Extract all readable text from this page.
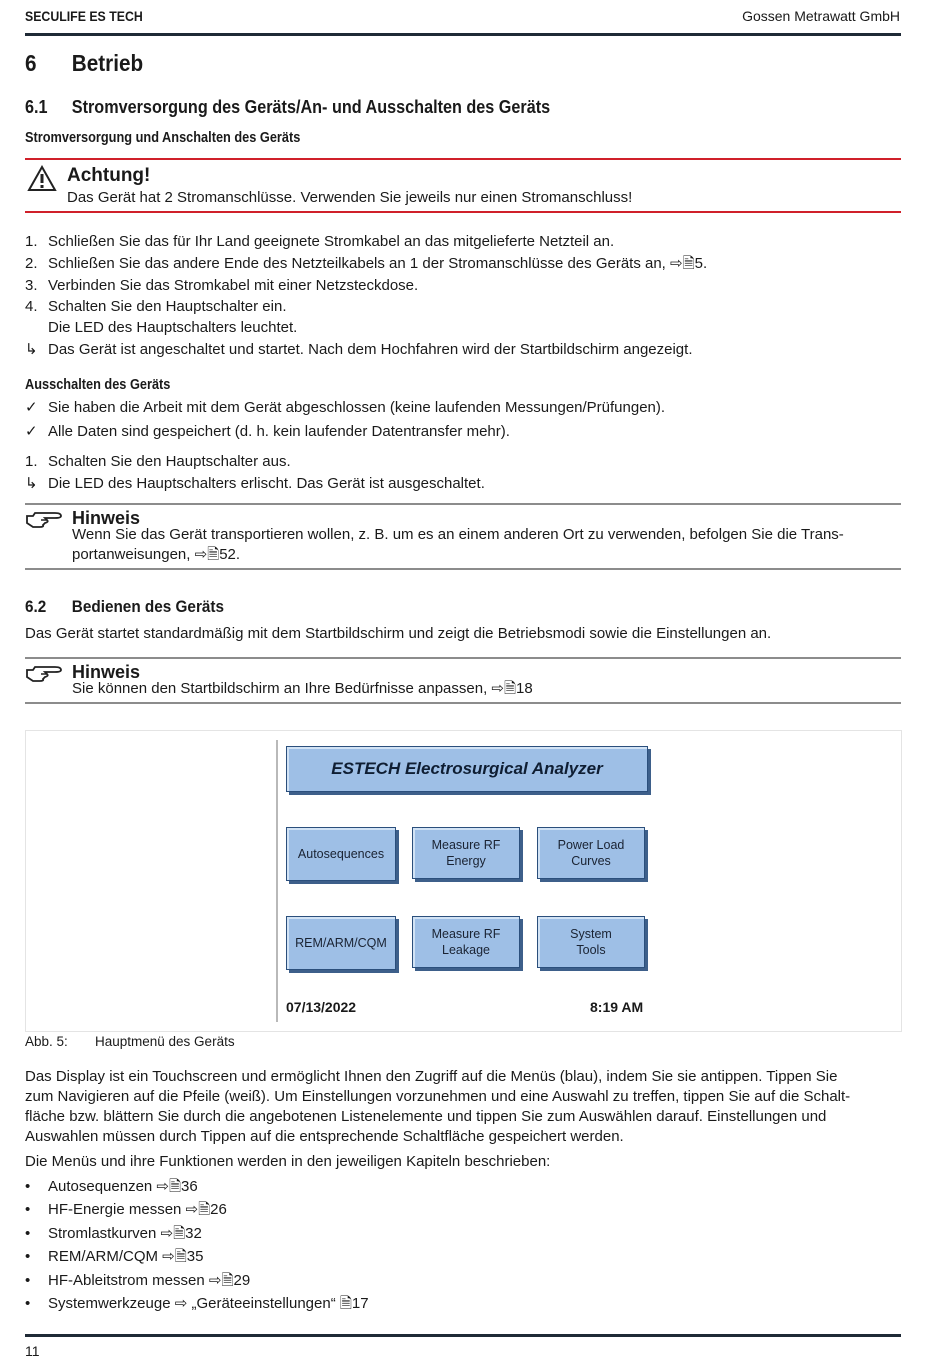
SECULIFE ES TECH	Gossen Metrawatt GmbH
6 Betrieb
6.1 Stromversorgung des Geräts/An- und Ausschalten des Geräts
Stromversorgung und Anschalten des Geräts
Achtung!
Das Gerät hat 2 Stromanschlüsse. Verwenden Sie jeweils nur einen Stromanschluss!
1. Schließen Sie das für Ihr Land geeignete Stromkabel an das mitgelieferte Netzteil an.
2. Schließen Sie das andere Ende des Netzteilkabels an 1 der Stromanschlüsse des Geräts an, ⇨🗎5.
3. Verbinden Sie das Stromkabel mit einer Netzsteckdose.
4. Schalten Sie den Hauptschalter ein.
Die LED des Hauptschalters leuchtet.
↳ Das Gerät ist angeschaltet und startet. Nach dem Hochfahren wird der Startbildschirm angezeigt.
Ausschalten des Geräts
✓ Sie haben die Arbeit mit dem Gerät abgeschlossen (keine laufenden Messungen/Prüfungen).
✓ Alle Daten sind gespeichert (d. h. kein laufender Datentransfer mehr).
1. Schalten Sie den Hauptschalter aus.
↳ Die LED des Hauptschalters erlischt. Das Gerät ist ausgeschaltet.
Hinweis
Wenn Sie das Gerät transportieren wollen, z. B. um es an einem anderen Ort zu verwenden, befolgen Sie die Trans-
portanweisungen, ⇨🗎52.
6.2 Bedienen des Geräts
Das Gerät startet standardmäßig mit dem Startbildschirm und zeigt die Betriebsmodi sowie die Einstellungen an.
Hinweis
Sie können den Startbildschirm an Ihre Bedürfnisse anpassen, ⇨🗎18
ESTECH Electrosurgical Analyzer
Autosequences
Measure RF Energy
Power Load Curves
REM/ARM/CQM
Measure RF Leakage
System Tools
07/13/2022	8:19 AM
Abb. 5: Hauptmenü des Geräts
Das Display ist ein Touchscreen und ermöglicht Ihnen den Zugriff auf die Menüs (blau), indem Sie sie antippen. Tippen Sie
zum Navigieren auf die Pfeile (weiß). Um Einstellungen vorzunehmen und eine Auswahl zu treffen, tippen Sie auf die Schalt-
fläche bzw. blättern Sie durch die angebotenen Listenelemente und tippen Sie zum Auswählen darauf. Einstellungen und
Auswahlen müssen durch Tippen auf die entsprechende Schaltfläche gespeichert werden.
Die Menüs und ihre Funktionen werden in den jeweiligen Kapiteln beschrieben:
• Autosequenzen ⇨🗎36
• HF-Energie messen ⇨🗎26
• Stromlastkurven ⇨🗎32
• REM/ARM/CQM ⇨🗎35
• HF-Ableitstrom messen ⇨🗎29
• Systemwerkzeuge ⇨ „Geräteeinstellungen“ 🗎17
11
